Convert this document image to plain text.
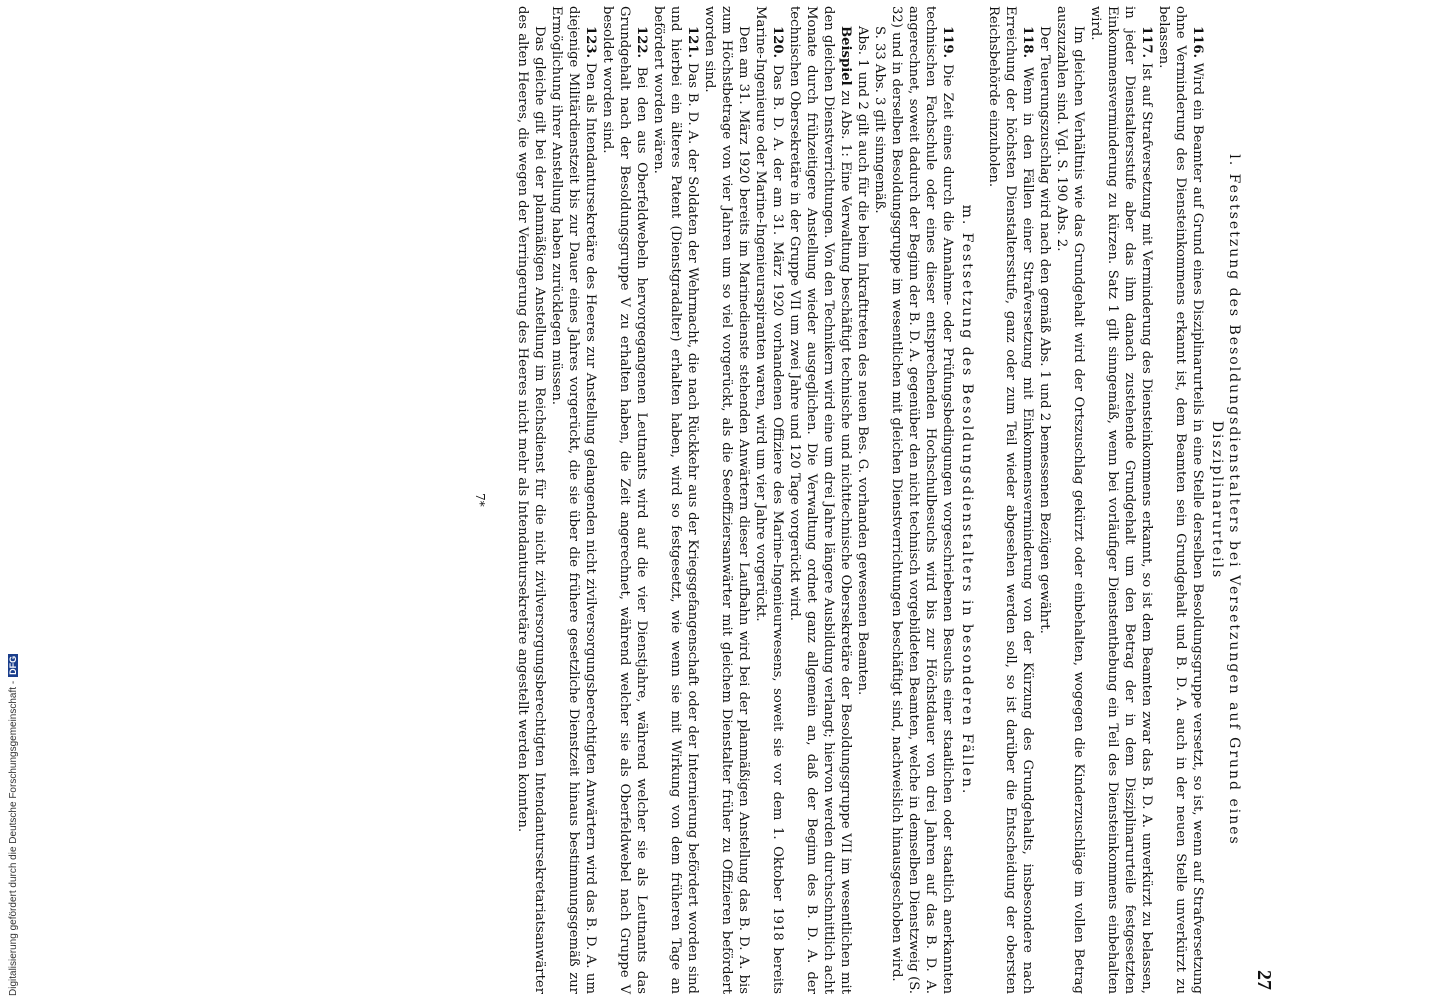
Digitalisierung gefördert durch die Deutsche Forschungsgemeinschaft -DFG
27
l. Festsetzung des Besoldungsdienstalters bei Versetzungen auf Grund eines
Disziplinarurteils

116. Wird ein Beamter auf Grund eines Disziplinarurteils in eine Stelle derselben Besoldungsgruppe versetzt, so ist, wenn auf Strafversetzung ohne Verminderung des Diensteinkommens erkannt ist, dem Beamten sein Grundgehalt und B. D. A. auch in der neuen Stelle unverkürzt zu belassen.

117. Ist auf Strafversetzung mit Verminderung des Diensteinkommens erkannt, so ist dem Beamten zwar das B. D. A. unverkürzt zu belassen, in jeder Dienstaltersstufe aber das ihm danach zustehende Grundgehalt um den Betrag der in dem Disziplinarurteile festgesetzten Einkommensverminderung zu kürzen. Satz 1 gilt sinngemäß, wenn bei vorläufiger Dienstenthebung ein Teil des Diensteinkommens einbehalten wird.

Im gleichen Verhältnis wie das Grundgehalt wird der Ortszuschlag gekürzt oder einbehalten, wogegen die Kinderzuschläge im vollen Betrag auszuzahlen sind. Vgl. S. 190 Abs. 2.

Der Teuerungszuschlag wird nach den gemäß Abs. 1 und 2 bemessenen Bezügen gewährt.

118. Wenn in den Fällen einer Strafversetzung mit Einkommensverminderung von der Kürzung des Grundgehalts, insbesondere nach Erreichung der höchsten Dienstaltersstufe, ganz oder zum Teil wieder abgesehen werden soll, so ist darüber die Entscheidung der obersten Reichsbehörde einzuholen.

m. Festsetzung des Besoldungsdienstalters in besonderen Fällen.

119. Die Zeit eines durch die Annahme- oder Prüfungsbedingungen vorgeschriebenen Besuchs einer staatlichen oder staatlich anerkannten technischen Fachschule oder eines dieser entsprechenden Hochschulbesuchs wird bis zur Höchstdauer von drei Jahren auf das B. D. A. angerechnet, soweit dadurch der Beginn der B. D. A. gegenüber den nicht technisch vorgebildeten Beamten, welche in demselben Dienstzweig (S. 32) und in derselben Besoldungsgruppe im wesentlichen mit gleichen Dienstverrichtungen beschäftigt sind, nachweislich hinausgeschoben wird.

S. 33 Abs. 3 gilt sinngemäß.

Abs. 1 und 2 gilt auch für die beim Inkrafttreten des neuen Bes. G. vorhanden gewesenen Beamten.

Beispiel zu Abs. 1: Eine Verwaltung beschäftigt technische und nichttechnische Obersekretäre der Besoldungsgruppe VII im wesentlichen mit den gleichen Dienstverrichtungen. Von den Technikern wird eine um drei Jahre längere Ausbildung verlangt; hiervon werden durchschnittlich acht Monate durch frühzeitigere Anstellung wieder ausgeglichen. Die Verwaltung ordnet ganz allgemein an, daß der Beginn des B. D. A. der technischen Obersekretäre in der Gruppe VII um zwei Jahre und 120 Tage vorgerückt wird.

120. Das B. D. A. der am 31. März 1920 vorhandenen Offiziere des Marine-Ingenieurwesens, soweit sie vor dem 1. Oktober 1918 bereits Marine-Ingenieure oder Marine-Ingenieuraspiranten waren, wird um vier Jahre vorgerückt.

Den am 31. März 1920 bereits im Marinedienste stehenden Anwärtern dieser Laufbahn wird bei der planmäßigen Anstellung das B. D. A. bis zum Höchstbetrage von vier Jahren um so viel vorgerückt, als die Seeoffiziersanwärter mit gleichem Dienstalter früher zu Offizieren befördert worden sind.

121. Das B. D. A. der Soldaten der Wehrmacht, die nach Rückkehr aus der Kriegsgefangenschaft oder der Internierung befördert worden sind und hierbei ein älteres Patent (Dienstgradalter) erhalten haben, wird so festgesetzt, wie wenn sie mit Wirkung von dem früheren Tage an befördert worden wären.

122. Bei den aus Oberfeldwebeln hervorgegangenen Leutnants wird auf die vier Dienstjahre, während welcher sie als Leutnants das Grundgehalt nach der Besoldungsgruppe V zu erhalten haben, die Zeit angerechnet, während welcher sie als Oberfeldwebel nach Gruppe V besoldet worden sind.

123. Den als Intendantursekretäre des Heeres zur Anstellung gelangenden nicht zivilversorgungsberechtigten Anwärtern wird das B. D. A. um diejenige Militärdienstzeit bis zur Dauer eines Jahres vorgerückt, die sie über die frühere gesetzliche Dienstzeit hinaus bestimmungsgemäß zur Ermöglichung ihrer Anstellung haben zurücklegen müssen.

Das gleiche gilt bei der planmäßigen Anstellung im Reichsdienst für die nicht zivilversorgungsberechtigten Intendantursekretariatsanwärter des alten Heeres, die wegen der Verringerung des Heeres nicht mehr als Intendantursekretäre angestellt werden konnten.

7*
